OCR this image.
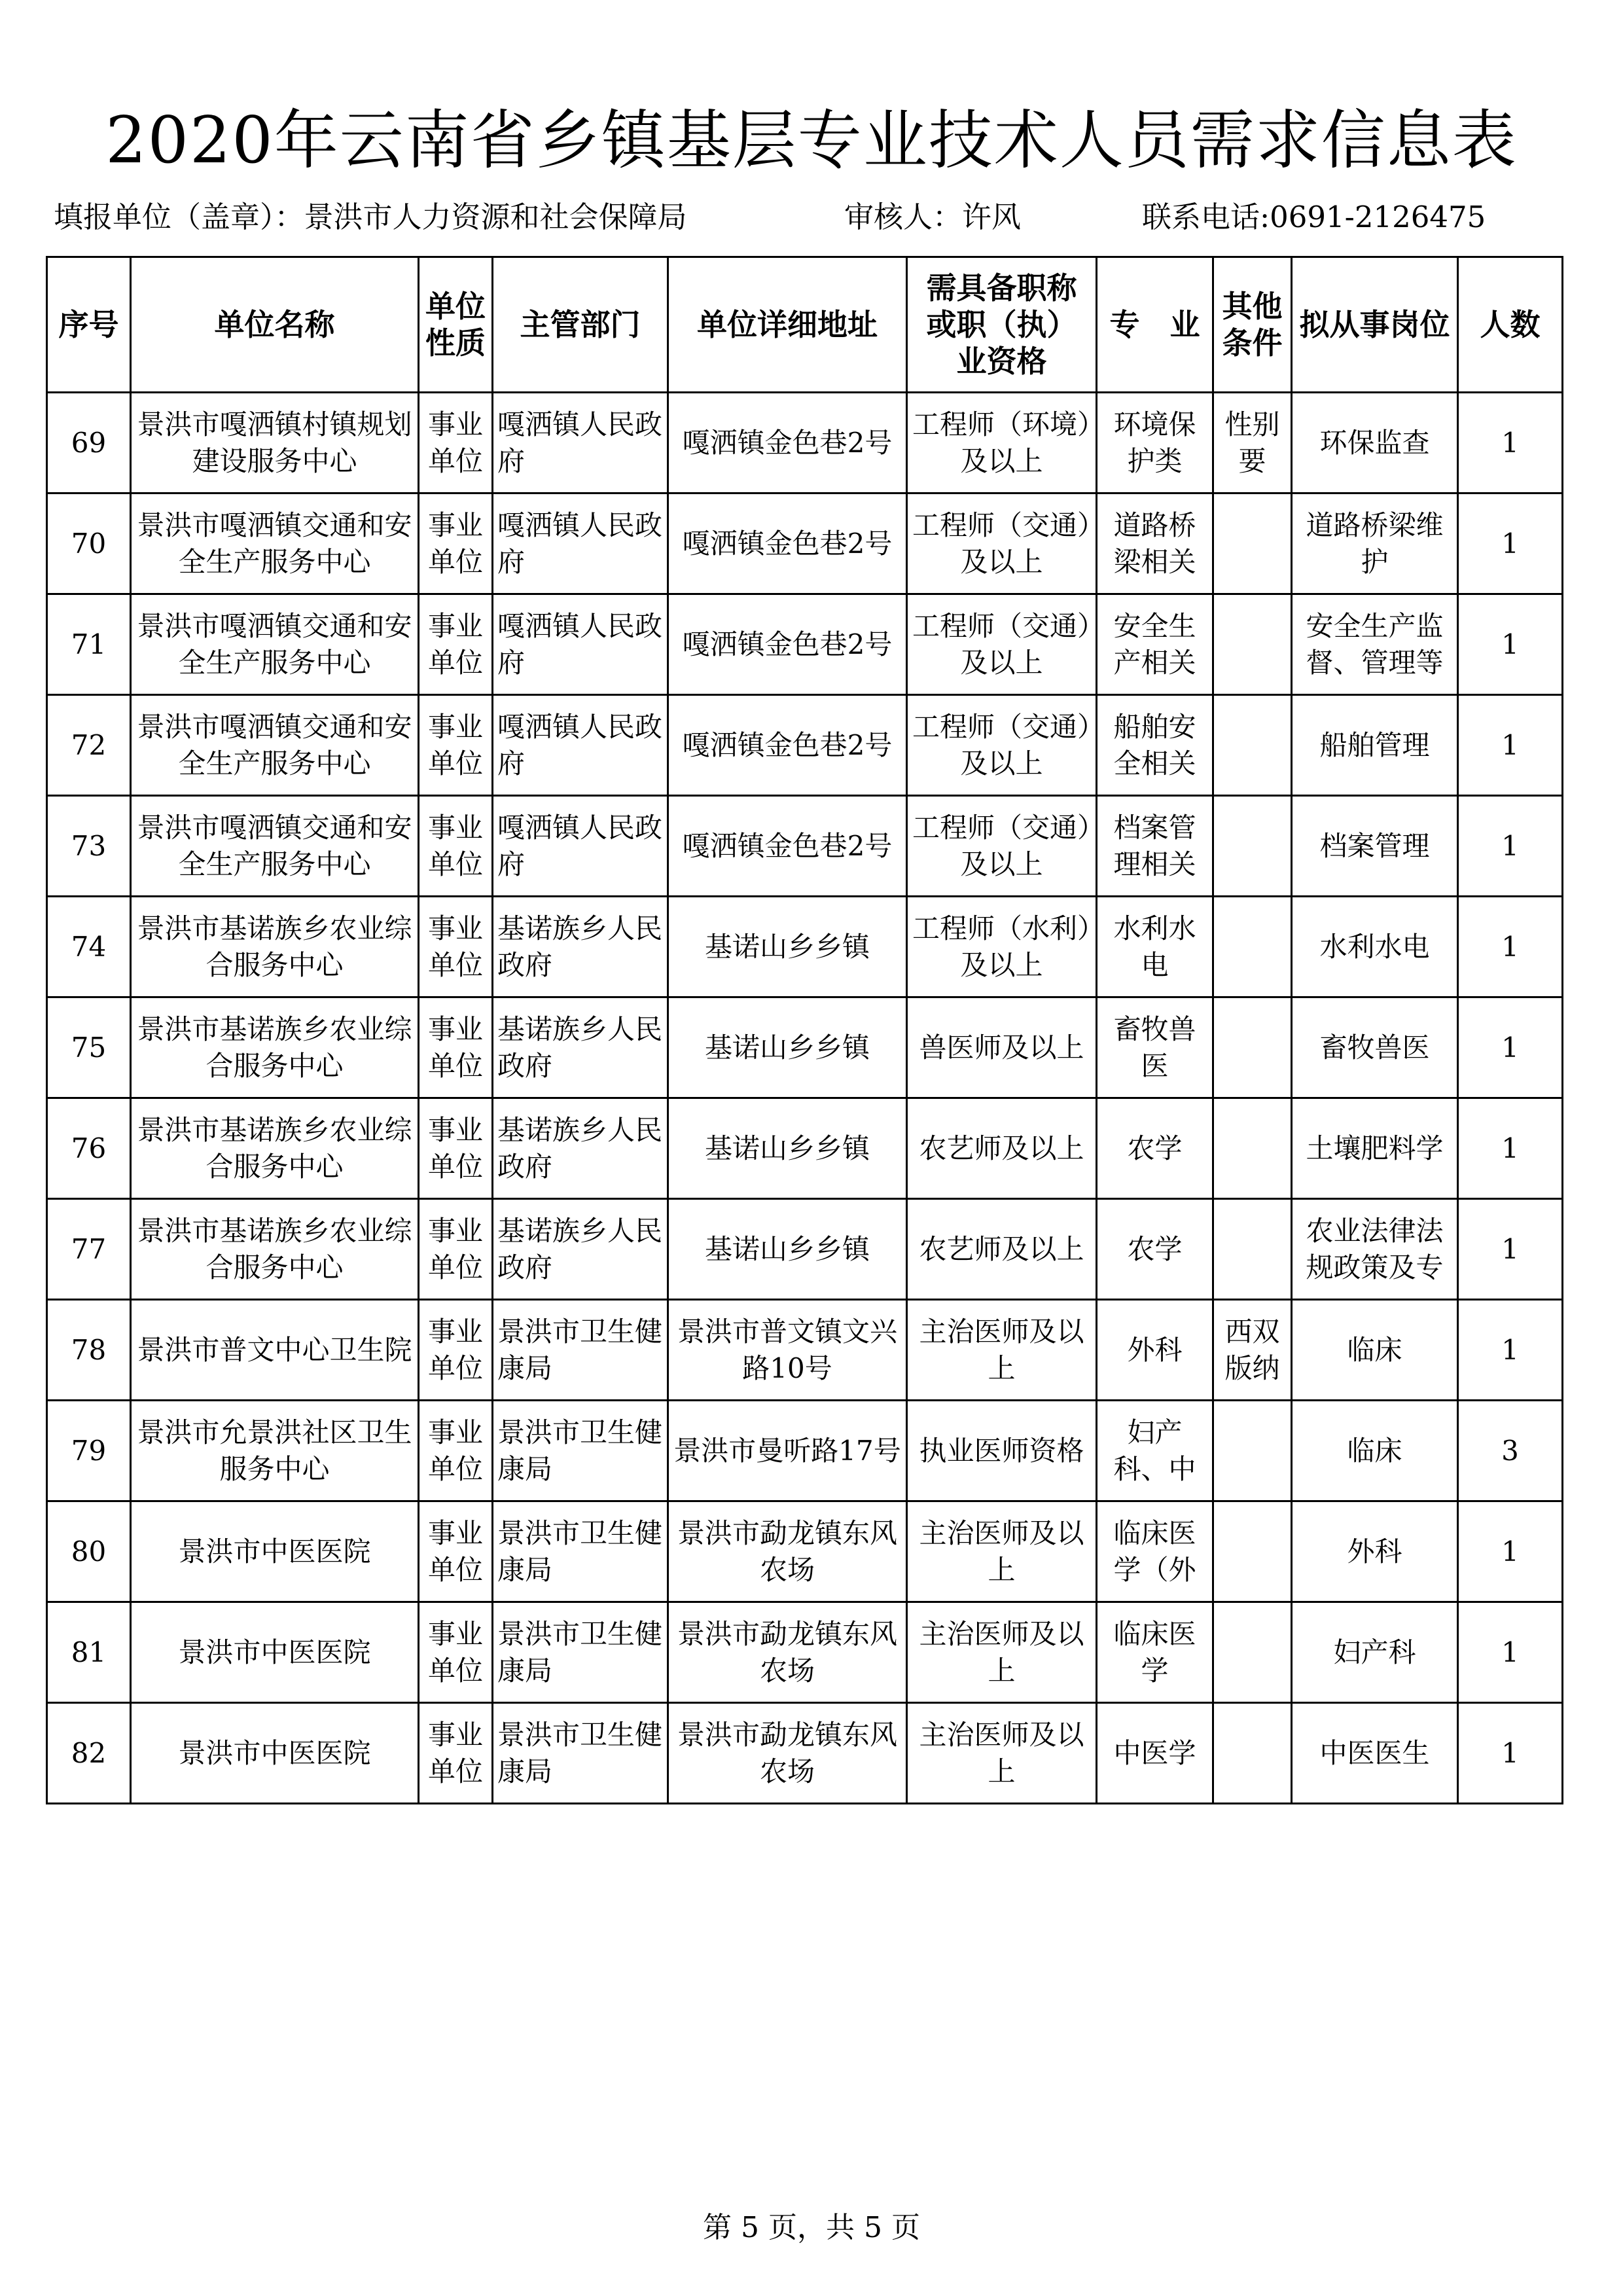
2020年云南省乡镇基层专业技术人员需求信息表
填报单位（盖章）：景洪市人力资源和社会保障局	审核人：许风	联系电话:0691-2126475
序号	单位名称	单位性质	主管部门	单位详细地址	需具备职称或职（执）业资格	专　业	其他条件	拟从事岗位	人数

69	景洪市嘎洒镇村镇规划建设服务中心	事业单位	嘎洒镇人民政府	嘎洒镇金色巷2号	工程师（环境）及以上	环境保护类	性别要	环保监查	1

70	景洪市嘎洒镇交通和安全生产服务中心	事业单位	嘎洒镇人民政府	嘎洒镇金色巷2号	工程师（交通）及以上	道路桥梁相关		道路桥梁维护	1

71	景洪市嘎洒镇交通和安全生产服务中心	事业单位	嘎洒镇人民政府	嘎洒镇金色巷2号	工程师（交通）及以上	安全生产相关		安全生产监督、管理等	1

72	景洪市嘎洒镇交通和安全生产服务中心	事业单位	嘎洒镇人民政府	嘎洒镇金色巷2号	工程师（交通）及以上	船舶安全相关		船舶管理	1

73	景洪市嘎洒镇交通和安全生产服务中心	事业单位	嘎洒镇人民政府	嘎洒镇金色巷2号	工程师（交通）及以上	档案管理相关		档案管理	1

74	景洪市基诺族乡农业综合服务中心	事业单位	基诺族乡人民政府	基诺山乡乡镇	工程师（水利）及以上	水利水电		水利水电	1

75	景洪市基诺族乡农业综合服务中心	事业单位	基诺族乡人民政府	基诺山乡乡镇	兽医师及以上	畜牧兽医		畜牧兽医	1

76	景洪市基诺族乡农业综合服务中心	事业单位	基诺族乡人民政府	基诺山乡乡镇	农艺师及以上	农学		土壤肥料学	1

77	景洪市基诺族乡农业综合服务中心	事业单位	基诺族乡人民政府	基诺山乡乡镇	农艺师及以上	农学		农业法律法规政策及专	1

78	景洪市普文中心卫生院	事业单位	景洪市卫生健康局	景洪市普文镇文兴路10号	主治医师及以上	外科	西双版纳	临床	1

79	景洪市允景洪社区卫生服务中心	事业单位	景洪市卫生健康局	景洪市曼听路17号	执业医师资格	妇产科、中		临床	3

80	景洪市中医医院	事业单位	景洪市卫生健康局	景洪市勐龙镇东风农场	主治医师及以上	临床医学（外		外科	1

81	景洪市中医医院	事业单位	景洪市卫生健康局	景洪市勐龙镇东风农场	主治医师及以上	临床医学		妇产科	1

82	景洪市中医医院	事业单位	景洪市卫生健康局	景洪市勐龙镇东风农场	主治医师及以上	中医学		中医医生	1
第 5 页，共 5 页
